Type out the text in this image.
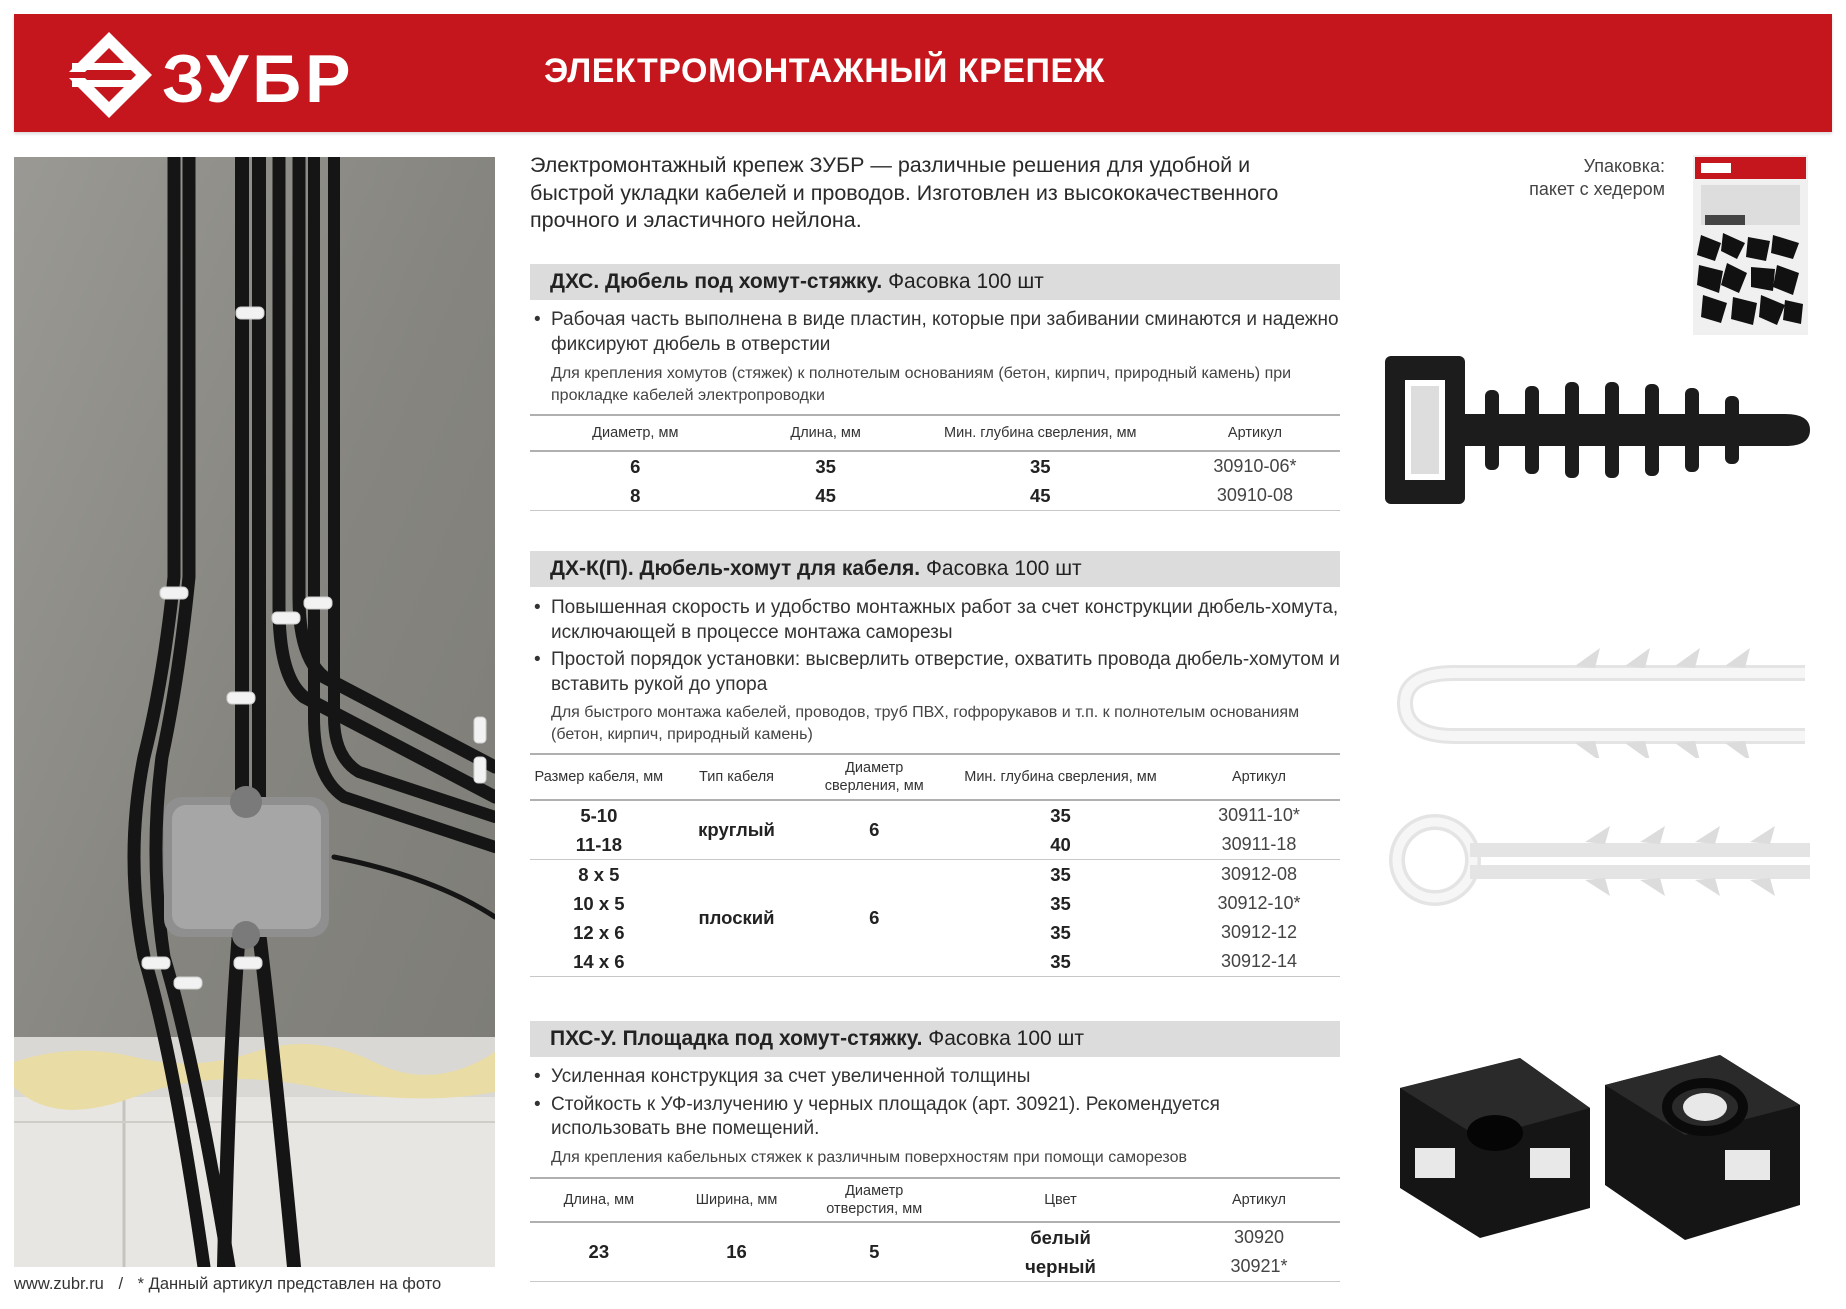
ЗУБР	ЭЛЕКТРОМОНТАЖНЫЙ КРЕПЕЖ
Электромонтажный крепеж ЗУБР — различные решения для удобной и быстрой укладки кабелей и проводов. Изготовлен из высококачественного прочного и эластичного нейлона.
Упаковка:
пакет с хедером
ДХС. Дюбель под хомут-стяжку. Фасовка 100 шт
• Рабочая часть выполнена в виде пластин, которые при забивании сминаются и надежно фиксируют дюбель в отверстии
Для крепления хомутов (стяжек) к полнотелым основаниям (бетон, кирпич, природный камень) при прокладке кабелей электропроводки
Диаметр, мм	Длина, мм	Мин. глубина сверления, мм	Артикул
6	35	35	30910-06*
8	45	45	30910-08
ДХ-К(П). Дюбель-хомут для кабеля. Фасовка 100 шт
• Повышенная скорость и удобство монтажных работ за счет конструкции дюбель-хомута, исключающей в процессе монтажа саморезы
• Простой порядок установки: высверлить отверстие, охватить провода дюбель-хомутом и вставить рукой до упора
Для быстрого монтажа кабелей, проводов, труб ПВХ, гофрорукавов и т.п. к полнотелым основаниям (бетон, кирпич, природный камень)
Размер кабеля, мм	Тип кабеля	Диаметр сверления, мм	Мин. глубина сверления, мм	Артикул
5-10	круглый	6	35	30911-10*
11-18			40	30911-18
8 х 5	плоский	6	35	30912-08
10 х 5			35	30912-10*
12 х 6			35	30912-12
14 х 6			35	30912-14
ПХС-У. Площадка под хомут-стяжку. Фасовка 100 шт
• Усиленная конструкция за счет увеличенной толщины
• Стойкость к УФ-излучению у черных площадок (арт. 30921). Рекомендуется использовать вне помещений.
Для крепления кабельных стяжек к различным поверхностям при помощи саморезов
Длина, мм	Ширина, мм	Диаметр отверстия, мм	Цвет	Артикул
23	16	5	белый	30920
			черный	30921*
www.zubr.ru / * Данный артикул представлен на фото
